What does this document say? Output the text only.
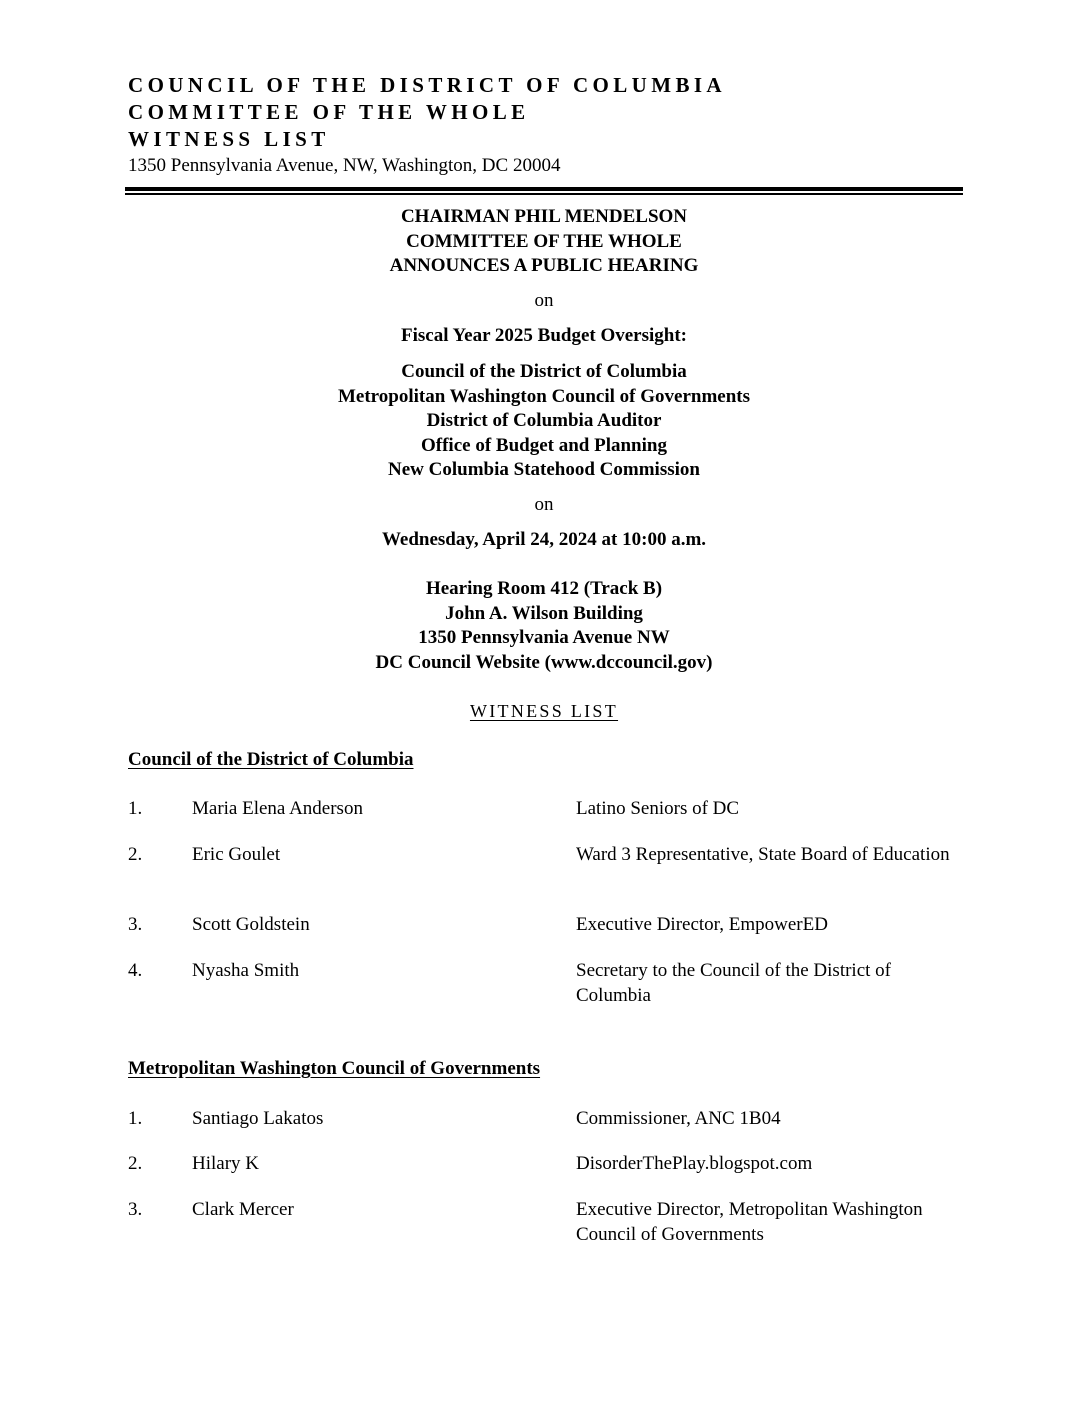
COUNCIL OF THE DISTRICT OF COLUMBIA
COMMITTEE OF THE WHOLE
WITNESS LIST
1350 Pennsylvania Avenue, NW, Washington, DC 20004
CHAIRMAN PHIL MENDELSON
COMMITTEE OF THE WHOLE
ANNOUNCES A PUBLIC HEARING
on
Fiscal Year 2025 Budget Oversight:
Council of the District of Columbia
Metropolitan Washington Council of Governments
District of Columbia Auditor
Office of Budget and Planning
New Columbia Statehood Commission
on
Wednesday, April 24, 2024 at 10:00 a.m.
Hearing Room 412 (Track B)
John A. Wilson Building
1350 Pennsylvania Avenue NW
DC Council Website (www.dccouncil.gov)
WITNESS LIST
Council of the District of Columbia
1.	Maria Elena Anderson	Latino Seniors of DC
2.	Eric Goulet	Ward 3 Representative, State Board of Education
3.	Scott Goldstein	Executive Director, EmpowerED
4.	Nyasha Smith	Secretary to the Council of the District of Columbia
Metropolitan Washington Council of Governments
1.	Santiago Lakatos	Commissioner, ANC 1B04
2.	Hilary K	DisorderThePlay.blogspot.com
3.	Clark Mercer	Executive Director, Metropolitan Washington Council of Governments
